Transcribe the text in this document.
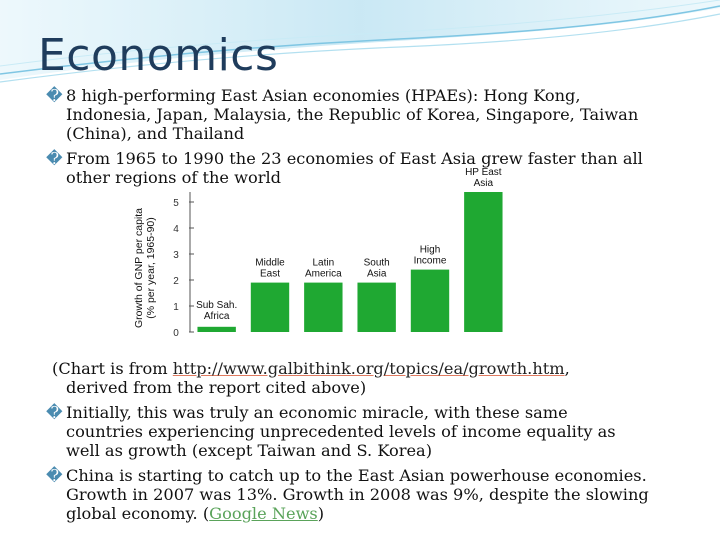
Economics

� 8 high-performing East Asian economies (HPAEs): Hong Kong,
Indonesia, Japan, Malaysia, the Republic of Korea, Singapore, Taiwan
(China), and Thailand

� From 1965 to 1990 the 23 economies of East Asia grew faster than all
other regions of the world

Growth of GNP per capita (% per year, 1965-90)
0
1
2
3
4
5
Sub Sah.
Africa
Middle
East
Latin
America
South
Asia
High
Income
HP East
Asia

(Chart is from http://www.galbithink.org/topics/ea/growth.htm,
derived from the report cited above)

� Initially, this was truly an economic miracle, with these same
countries experiencing unprecedented levels of income equality as
well as growth (except Taiwan and S. Korea)

� China is starting to catch up to the East Asian powerhouse economies.
Growth in 2007 was 13%. Growth in 2008 was 9%, despite the slowing
global economy. (Google News)
